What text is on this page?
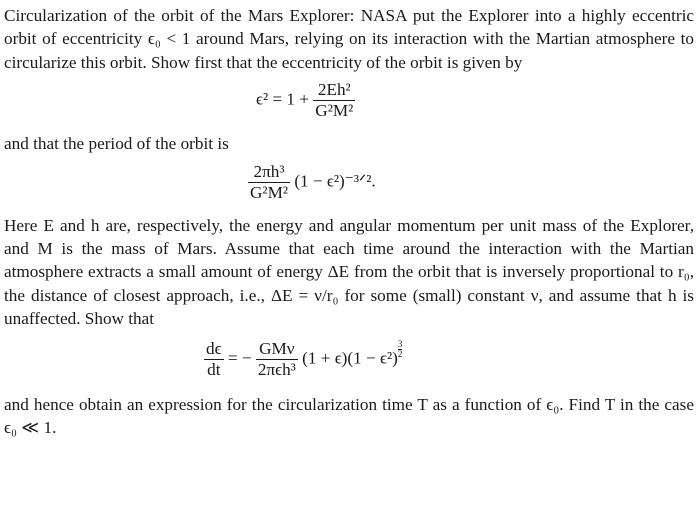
Circularization of the orbit of the Mars Explorer: NASA put the Explorer into a highly eccentric orbit of eccentricity ϵ₀ < 1 around Mars, relying on its interaction with the Martian atmosphere to circularize this orbit. Show first that the eccentricity of the orbit is given by

$\epsilon^2 = 1 + \frac{\text{2Eh²}}{\text{G²M²}}$

and that the period of the orbit is

$\frac{\text{2πh³}}{\text{G²M²}} (1$ − ϵ²)⁻³ᐟ².

Here E and h are, respectively, the energy and angular momentum per unit mass of the Explorer, and M is the mass of Mars. Assume that each time around the interaction with the Martian atmosphere extracts a small amount of energy ΔE from the orbit that is inversely proportional to r₀, the distance of closest approach, i.e., ΔE = ν/r₀ for some (small) constant ν, and assume that h is unaffected. Show that

$\frac{d\epsilon}{dt}$ = − $\frac{\text{GMν}}{\text{2πϵh³}} (1 + \epsilon)(1 - \epsilon^2) \frac{3}{2}$

and hence obtain an expression for the circularization time T as a function of ϵ₀. Find T in the case ϵ₀ ≪ 1.
